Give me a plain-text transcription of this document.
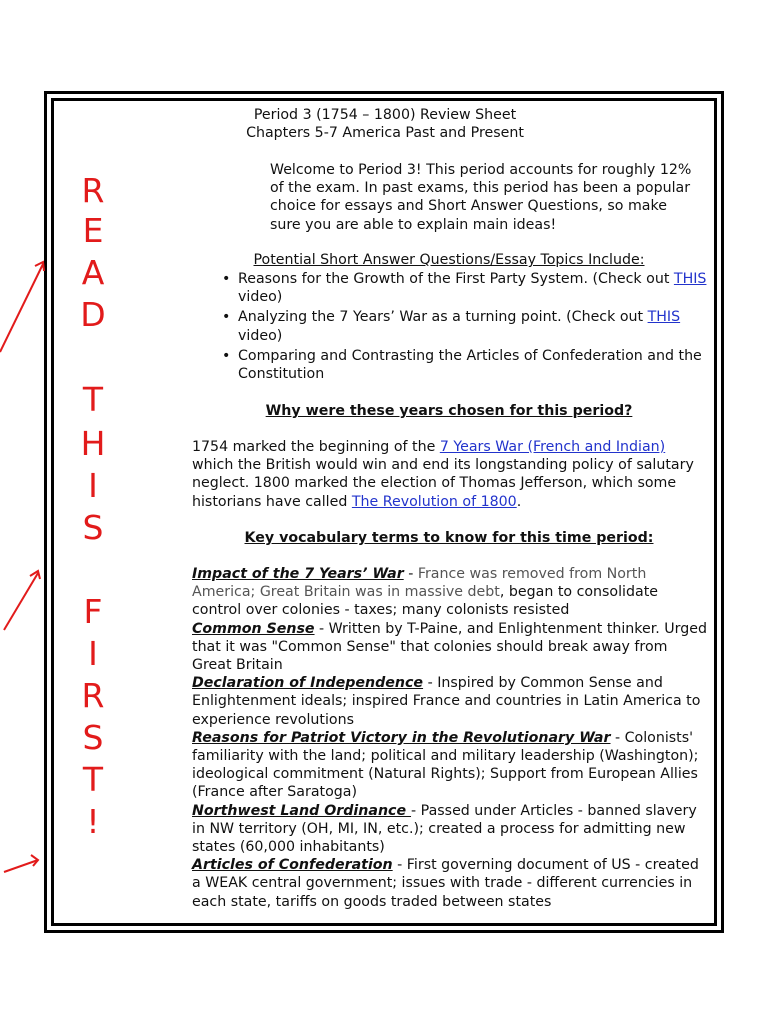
R
E
A
D
T
H
I
S
F
I
R
S
T
!
Period 3 (1754 – 1800) Review Sheet
Chapters 5-7 America Past and Present
Welcome to Period 3! This period accounts for roughly 12% of the exam. In past exams, this period has been a popular choice for essays and Short Answer Questions, so make sure you are able to explain main ideas!
Potential Short Answer Questions/Essay Topics Include:
• Reasons for the Growth of the First Party System. (Check out THIS video)
• Analyzing the 7 Years’ War as a turning point. (Check out THIS video)
• Comparing and Contrasting the Articles of Confederation and the        Constitution
Why were these years chosen for this period?
1754 marked the beginning of the 7 Years War (French and Indian) which the British would win and end its longstanding policy of salutary neglect. 1800 marked the election of Thomas Jefferson, which some historians have called The Revolution of 1800.
Key vocabulary terms to know for this time period:

Impact of the 7 Years’ War - France was removed from North America; Great Britain was in massive debt, began to consolidate control over colonies - taxes; many colonists resisted

Common Sense - Written by T-Paine, and Enlightenment thinker. Urged that it was "Common Sense" that colonies should break away from Great Britain

Declaration of Independence - Inspired by Common Sense and Enlightenment ideals; inspired France and countries in Latin America to experience revolutions

Reasons for Patriot Victory in the Revolutionary War - Colonists' familiarity with the land; political and military leadership (Washington); ideological commitment (Natural Rights); Support from European Allies (France after Saratoga)

Northwest Land Ordinance - Passed under Articles - banned slavery in NW territory (OH, MI, IN, etc.); created a process for admitting new states (60,000 inhabitants)

Articles of Confederation - First governing document of US - created a WEAK central government; issues with trade - different currencies in each state, tariffs on goods traded between states
